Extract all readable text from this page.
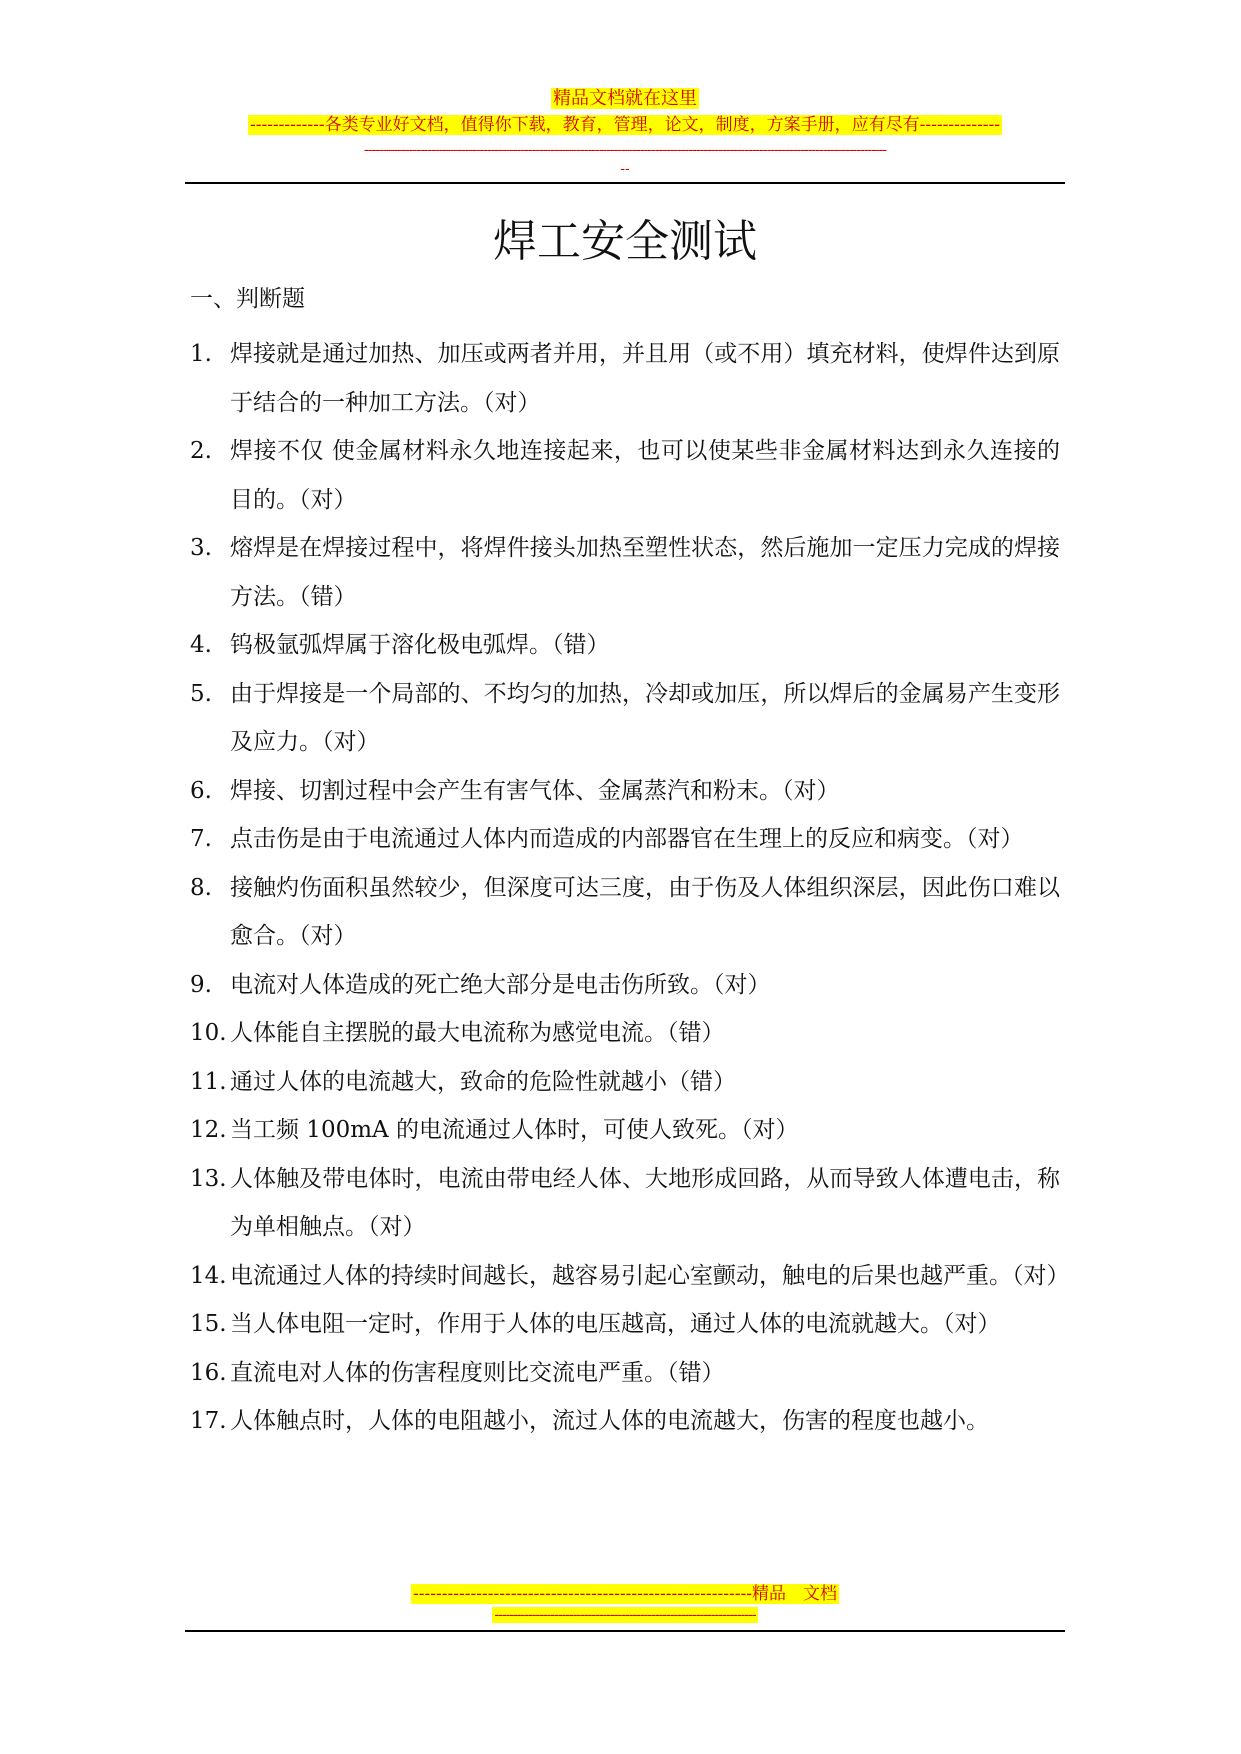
精品文档就在这里
-------------各类专业好文档，值得你下载，教育，管理，论文，制度，方案手册，应有尽有--------------
--------------------------------------------------------------------------------------------------------------------------------------------
--
焊工安全测试
一、判断题
1. 焊接就是通过加热、加压或两者并用，并且用（或不用）填充材料，使焊件达到原于结合的一种加工方法。（对）
2. 焊接不仅 使金属材料永久地连接起来，也可以使某些非金属材料达到永久连接的目的。（对）
3. 熔焊是在焊接过程中，将焊件接头加热至塑性状态，然后施加一定压力完成的焊接方法。（错）
4. 钨极氩弧焊属于溶化极电弧焊。（错）
5. 由于焊接是一个局部的、不均匀的加热，冷却或加压，所以焊后的金属易产生变形及应力。（对）
6. 焊接、切割过程中会产生有害气体、金属蒸汽和粉末。（对）
7. 点击伤是由于电流通过人体内而造成的内部器官在生理上的反应和病变。（对）
8. 接触灼伤面积虽然较少，但深度可达三度，由于伤及人体组织深层，因此伤口难以愈合。（对）
9. 电流对人体造成的死亡绝大部分是电击伤所致。（对）
10. 人体能自主摆脱的最大电流称为感觉电流。（错）
11. 通过人体的电流越大，致命的危险性就越小（错）
12. 当工频 100mA 的电流通过人体时，可使人致死。（对）
13. 人体触及带电体时，电流由带电经人体、大地形成回路，从而导致人体遭电击，称为单相触点。（对）
14. 电流通过人体的持续时间越长，越容易引起心室颤动，触电的后果也越严重。（对）
15. 当人体电阻一定时，作用于人体的电压越高，通过人体的电流就越大。（对）
16. 直流电对人体的伤害程度则比交流电严重。（错）
17. 人体触点时，人体的电阻越小，流过人体的电流越大，伤害的程度也越小。
-----------------------------------------------------------精品　文档
----------------------------------------------------------------------
